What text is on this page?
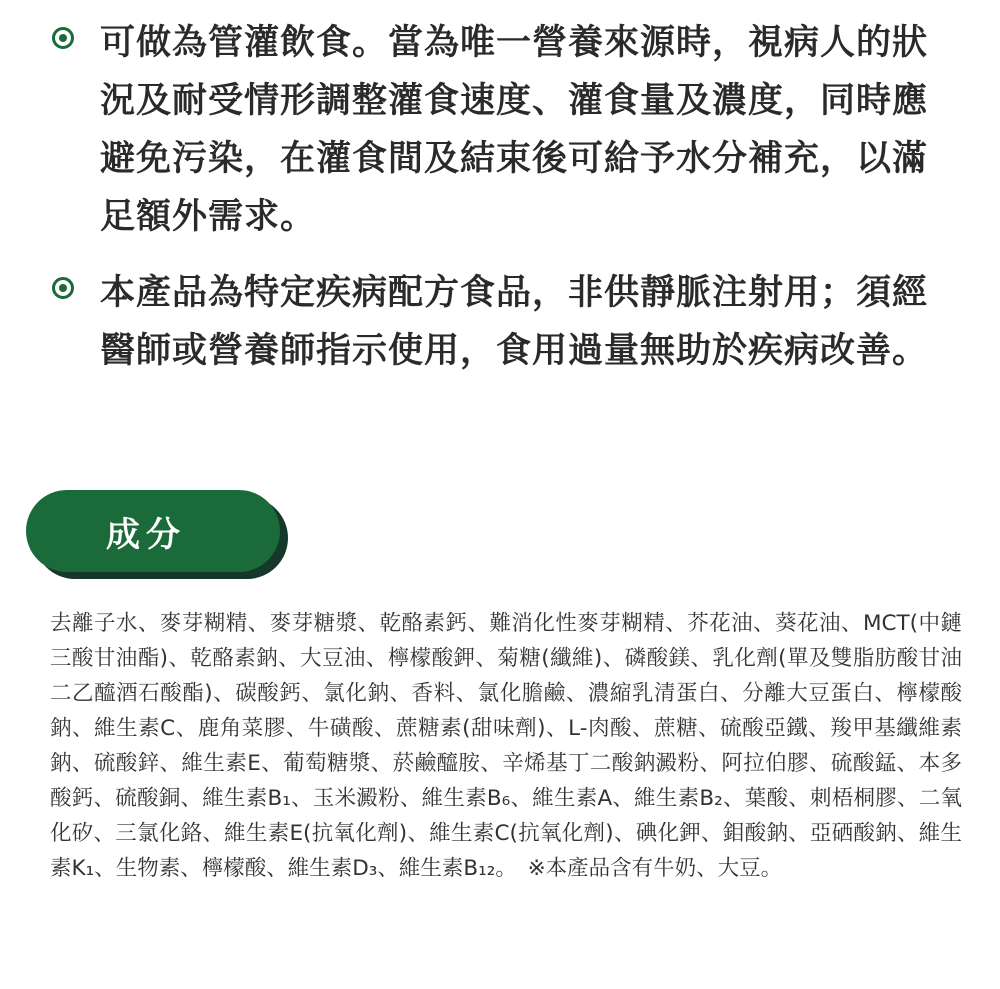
可做為管灌飲食。當為唯一營養來源時，視病人的狀況及耐受情形調整灌食速度、灌食量及濃度，同時應避免污染，在灌食間及結束後可給予水分補充，以滿足額外需求。
本產品為特定疾病配方食品，非供靜脈注射用；須經醫師或營養師指示使用，食用過量無助於疾病改善。
成分

去離子水、麥芽糊精、麥芽糖漿、乾酪素鈣、難消化性麥芽糊精、芥花油、葵花油、MCT(中鏈三酸甘油酯)、乾酪素鈉、大豆油、檸檬酸鉀、菊糖(纖維)、磷酸鎂、乳化劑(單及雙脂肪酸甘油二乙醯酒石酸酯)、碳酸鈣、氯化鈉、香料、氯化膽鹼、濃縮乳清蛋白、分離大豆蛋白、檸檬酸鈉、維生素C、鹿角菜膠、牛磺酸、蔗糖素(甜味劑)、L-肉酸、蔗糖、硫酸亞鐵、羧甲基纖維素鈉、硫酸鋅、維生素E、葡萄糖漿、菸鹼醯胺、辛烯基丁二酸鈉澱粉、阿拉伯膠、硫酸錳、本多酸鈣、硫酸銅、維生素B₁、玉米澱粉、維生素B₆、維生素A、維生素B₂、葉酸、刺梧桐膠、二氧化矽、三氯化鉻、維生素E(抗氧化劑)、維生素C(抗氧化劑)、碘化鉀、鉬酸鈉、亞硒酸鈉、維生素K₁、生物素、檸檬酸、維生素D₃、維生素B₁₂。　※本產品含有牛奶、大豆。
